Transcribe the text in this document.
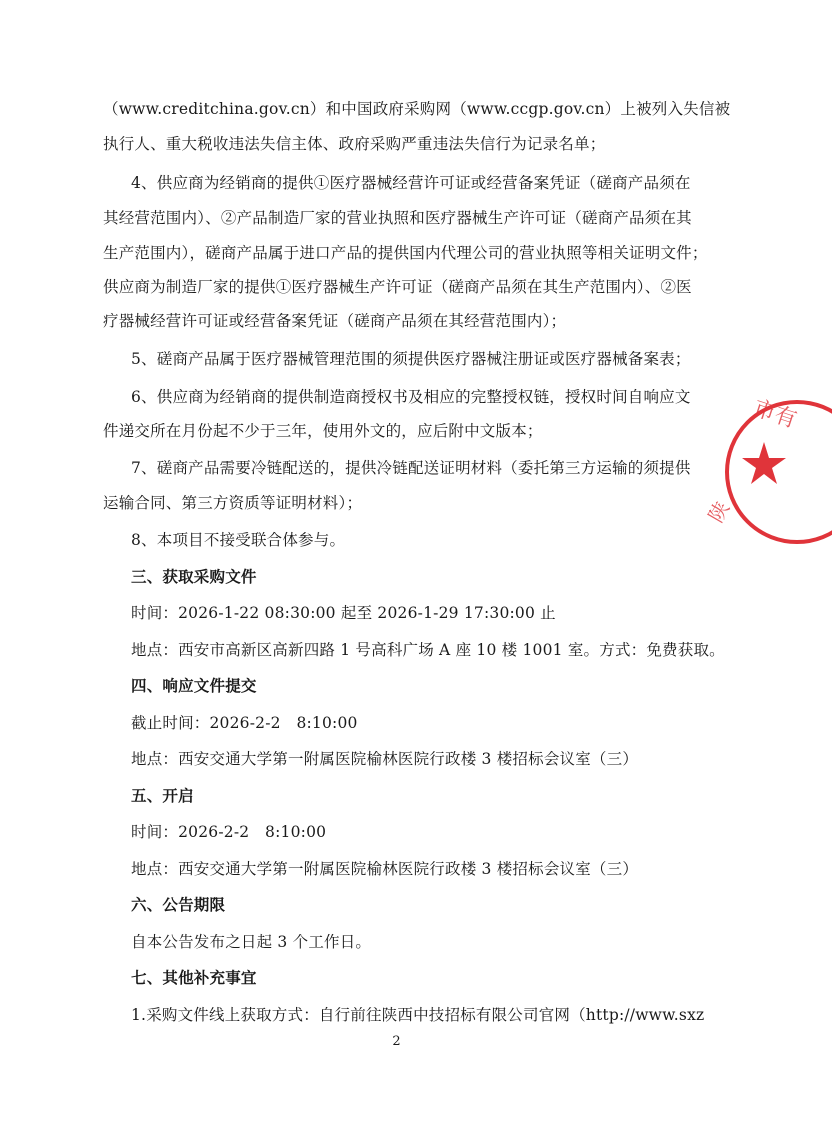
（www.creditchina.gov.cn）和中国政府采购网（www.ccgp.gov.cn）上被列入失信被
执行人、重大税收违法失信主体、政府采购严重违法失信行为记录名单；
4、供应商为经销商的提供①医疗器械经营许可证或经营备案凭证（磋商产品须在
其经营范围内）、②产品制造厂家的营业执照和医疗器械生产许可证（磋商产品须在其
生产范围内），磋商产品属于进口产品的提供国内代理公司的营业执照等相关证明文件；
供应商为制造厂家的提供①医疗器械生产许可证（磋商产品须在其生产范围内）、②医
疗器械经营许可证或经营备案凭证（磋商产品须在其经营范围内）；
5、磋商产品属于医疗器械管理范围的须提供医疗器械注册证或医疗器械备案表；
6、供应商为经销商的提供制造商授权书及相应的完整授权链，授权时间自响应文
件递交所在月份起不少于三年，使用外文的，应后附中文版本；
7、磋商产品需要冷链配送的，提供冷链配送证明材料（委托第三方运输的须提供
运输合同、第三方资质等证明材料）；
8、本项目不接受联合体参与。
三、获取采购文件
时间：2026-1-22 08:30:00 起至 2026-1-29 17:30:00 止
地点：西安市高新区高新四路 1 号高科广场 A 座 10 楼 1001 室。方式：免费获取。
四、响应文件提交
截止时间：2026-2-2　8:10:00
地点：西安交通大学第一附属医院榆林医院行政楼 3 楼招标会议室（三）
五、开启
时间：2026-2-2　8:10:00
地点：西安交通大学第一附属医院榆林医院行政楼 3 楼招标会议室（三）
六、公告期限
自本公告发布之日起 3 个工作日。
七、其他补充事宜
1.采购文件线上获取方式：自行前往陕西中技招标有限公司官网（http://www.sxz
2
市有
陕
